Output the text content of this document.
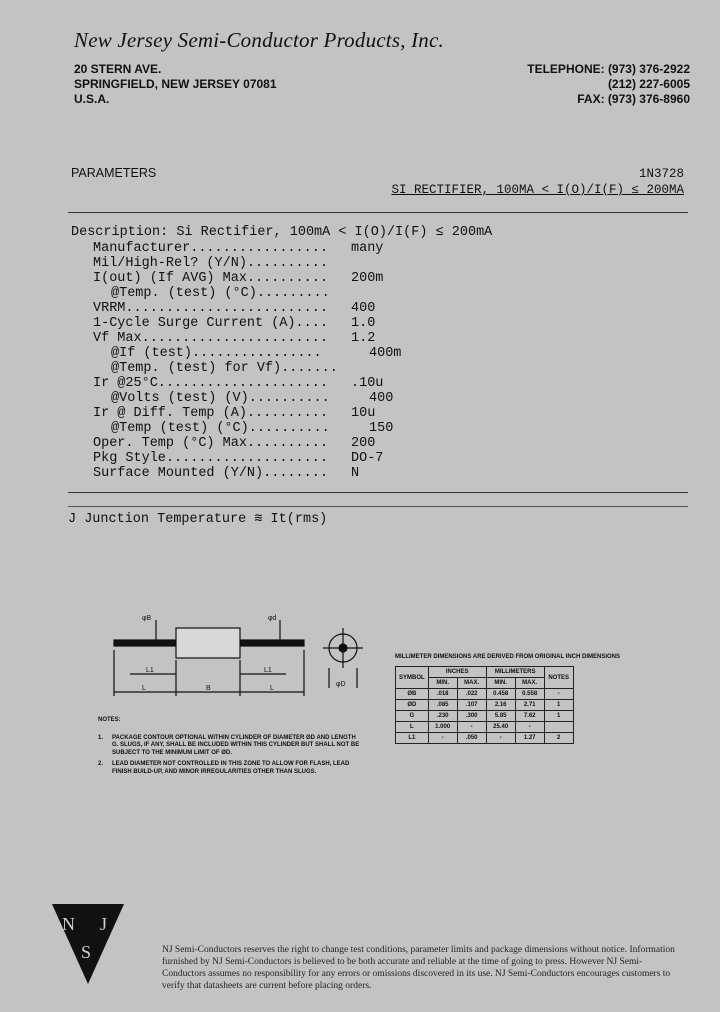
New Jersey Semi-Conductor Products, Inc.
20 STERN AVE.
SPRINGFIELD, NEW JERSEY 07081
U.S.A.
TELEPHONE: (973) 376-2922
(212) 227-6005
FAX: (973) 376-8960
PARAMETERS	1N3728
SI RECTIFIER, 100MA < I(O)/I(F) ≤ 200MA
Description: Si Rectifier, 100mA < I(O)/I(F) ≤ 200mA
Manufacturer................. many
Mil/High-Rel? (Y/N)..........
I(out) (If AVG) Max.......... 200m
@Temp. (test) (°C).........
VRRM......................... 400
1-Cycle Surge Current (A).... 1.0
Vf Max....................... 1.2
@If (test)................	400m
@Temp. (test) for Vf).......
Ir @25°C..................... .10u
@Volts (test) (V)..........	400
Ir @ Diff. Temp (A).......... 10u
@Temp (test) (°C)..........	150
Oper. Temp (°C) Max.......... 200
Pkg Style.................... DO-7
Surface Mounted (Y/N)........ N
J Junction Temperature ≋ It(rms)
φB	φd
φD
L	B	L
L1	L1
MILLIMETER DIMENSIONS ARE DERIVED FROM ORIGINAL INCH DIMENSIONS
SYMBOL	INCHES		MILLIMETERS		NOTES
	MIN.	MAX.	MIN.	MAX.	
ØB	.018	.022	0.458	0.558	-
ØD	.085	.107	2.16	2.71	1
G	.230	.300	5.85	7.62	1
L	1.000	-	25.40	-	
L1	-	.050	-	1.27	2
NOTES:
1.	PACKAGE CONTOUR OPTIONAL WITHIN CYLINDER OF DIAMETER ØD AND LENGTH G. SLUGS, IF ANY, SHALL BE INCLUDED WITHIN THIS CYLINDER BUT SHALL NOT BE SUBJECT TO THE MINIMUM LIMIT OF ØD.
2.	LEAD DIAMETER NOT CONTROLLED IN THIS ZONE TO ALLOW FOR FLASH, LEAD FINISH BUILD-UP, AND MINOR IRREGULARITIES OTHER THAN SLUGS.
N J
S	NJ Semi-Conductors reserves the right to change test conditions, parameter limits and package dimensions without notice. Information furnished by NJ Semi-Conductors is believed to be both accurate and reliable at the time of going to press. However NJ Semi-Conductors assumes no responsibility for any errors or omissions discovered in its use. NJ Semi-Conductors encourages customers to verify that datasheets are current before placing orders.
